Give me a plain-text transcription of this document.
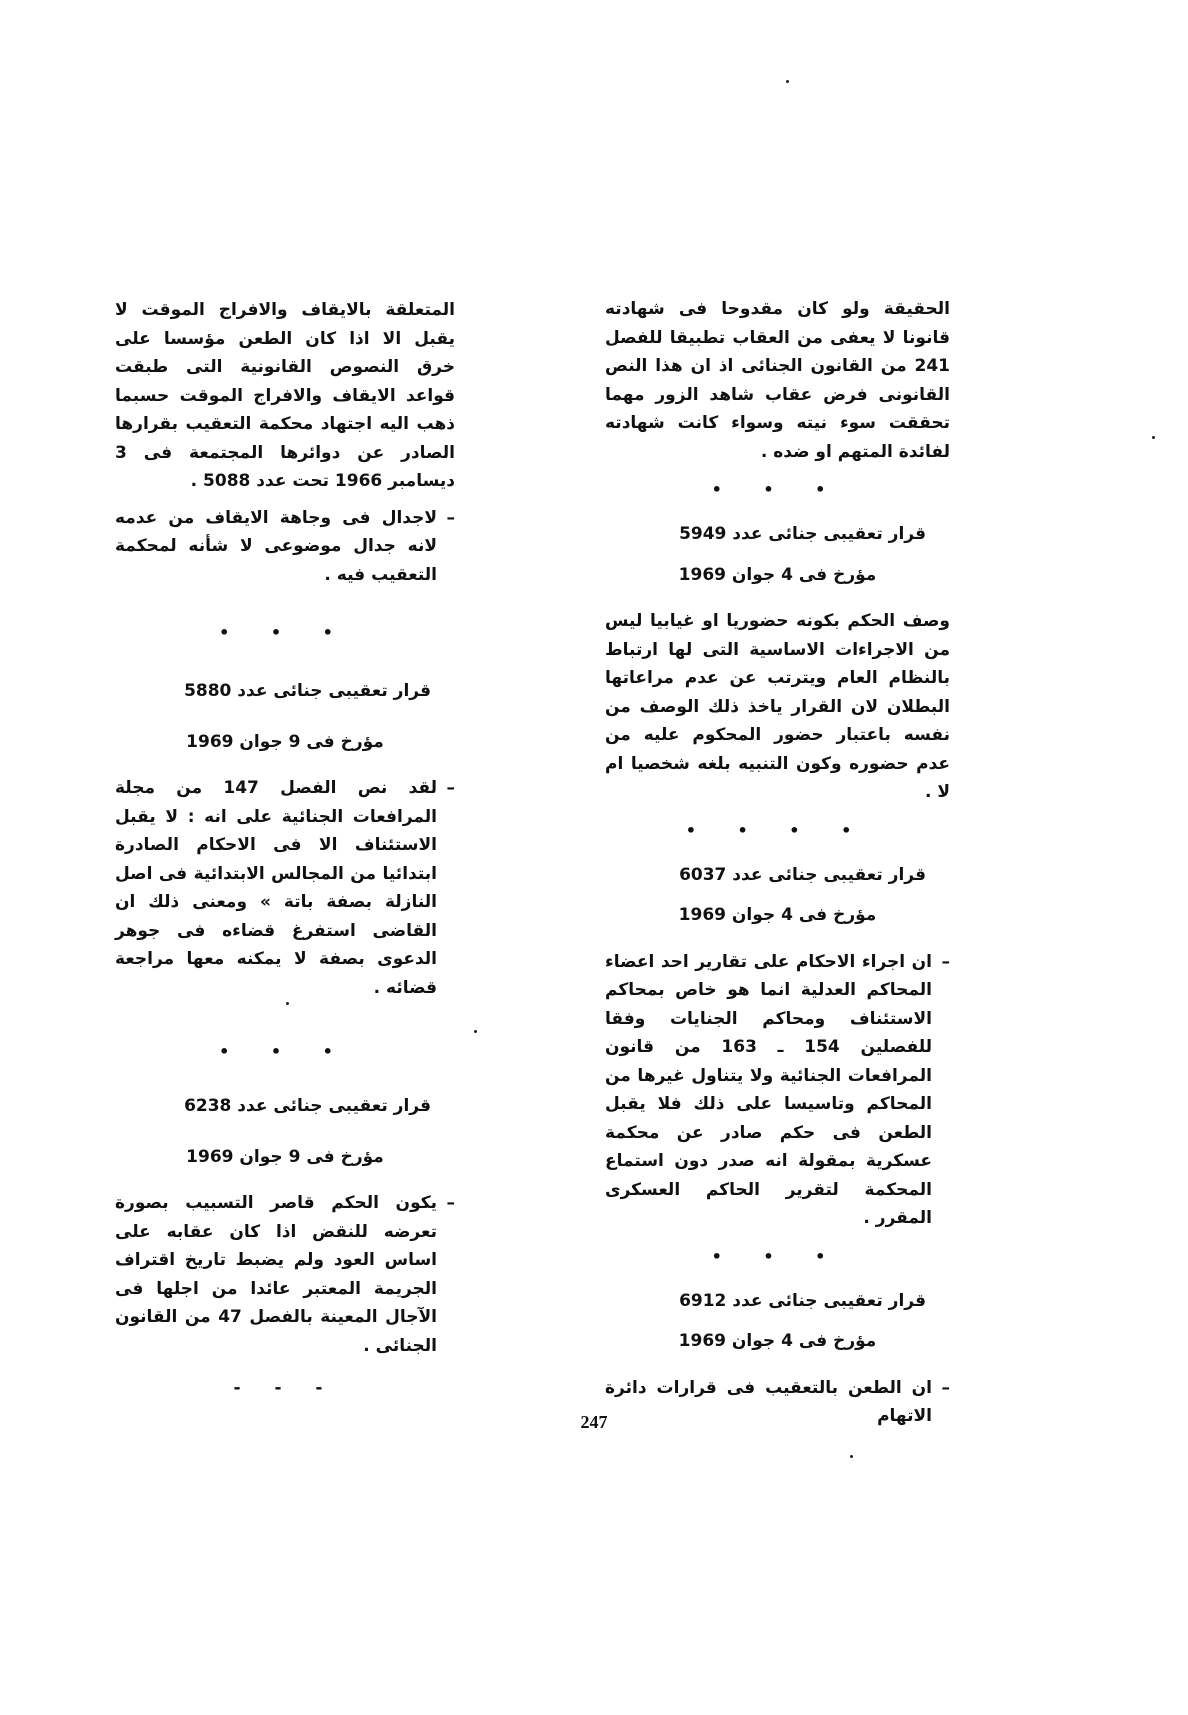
الحقيقة ولو كان مقدوحا فى شهادته قانونا لا يعفى من العقاب تطبيقا للفصل 241 من القانون الجنائى اذ ان هذا النص القانونى فرض عقاب شاهد الزور مهما تحققت سوء نيته وسواء كانت شهادته لفائدة المتهم او ضده .

• • •
قرار تعقيبى جنائى عدد 5949
مؤرخ فى 4 جوان 1969

وصف الحكم بكونه حضوريا او غيابيا ليس من الاجراءات الاساسية التى لها ارتباط بالنظام العام ويترتب عن عدم مراعاتها البطلان لان القرار ياخذ ذلك الوصف من نفسه باعتبار حضور المحكوم عليه من عدم حضوره وكون التنبيه بلغه شخصيا ام لا .

• • • •
قرار تعقيبى جنائى عدد 6037
مؤرخ فى 4 جوان 1969

– ان اجراء الاحكام على تقارير احد اعضاء المحاكم العدلية انما هو خاص بمحاكم الاستئناف ومحاكم الجنايات وفقا للفصلين 154 ـ 163 من قانون المرافعات الجنائية ولا يتناول غيرها من المحاكم وتاسيسا على ذلك فلا يقبل الطعن فى حكم صادر عن محكمة عسكرية بمقولة انه صدر دون استماع المحكمة لتقرير الحاكم العسكرى المقرر .

• • •
قرار تعقيبى جنائى عدد 6912
مؤرخ فى 4 جوان 1969

– ان الطعن بالتعقيب فى قرارات دائرة الاتهام

المتعلقة بالايقاف والافراج الموقت لا يقبل الا اذا كان الطعن مؤسسا على خرق النصوص القانونية التى طبقت قواعد الايقاف والافراج الموقت حسبما ذهب اليه اجتهاد محكمة التعقيب بقرارها الصادر عن دوائرها المجتمعة فى 3 ديسامبر 1966 تحت عدد 5088 .

– لاجدال فى وجاهة الايقاف من عدمه لانه جدال موضوعى لا شأنه لمحكمة التعقيب فيه .

• • •
قرار تعقيبى جنائى عدد 5880
مؤرخ فى 9 جوان 1969

– لقد نص الفصل 147 من مجلة المرافعات الجنائية على انه : لا يقبل الاستئناف الا فى الاحكام الصادرة ابتدائيا من المجالس الابتدائية فى اصل النازلة بصفة باتة » ومعنى ذلك ان القاضى استفرغ قضاءه فى جوهر الدعوى بصفة لا يمكنه معها مراجعة قضائه .

• • •
قرار تعقيبى جنائى عدد 6238
مؤرخ فى 9 جوان 1969

– يكون الحكم قاصر التسبيب بصورة تعرضه للنقض اذا كان عقابه على اساس العود ولم يضبط تاريخ اقتراف الجريمة المعتبر عائدا من اجلها فى الآجال المعينة بالفصل 47 من القانون الجنائى .

- - -
247
